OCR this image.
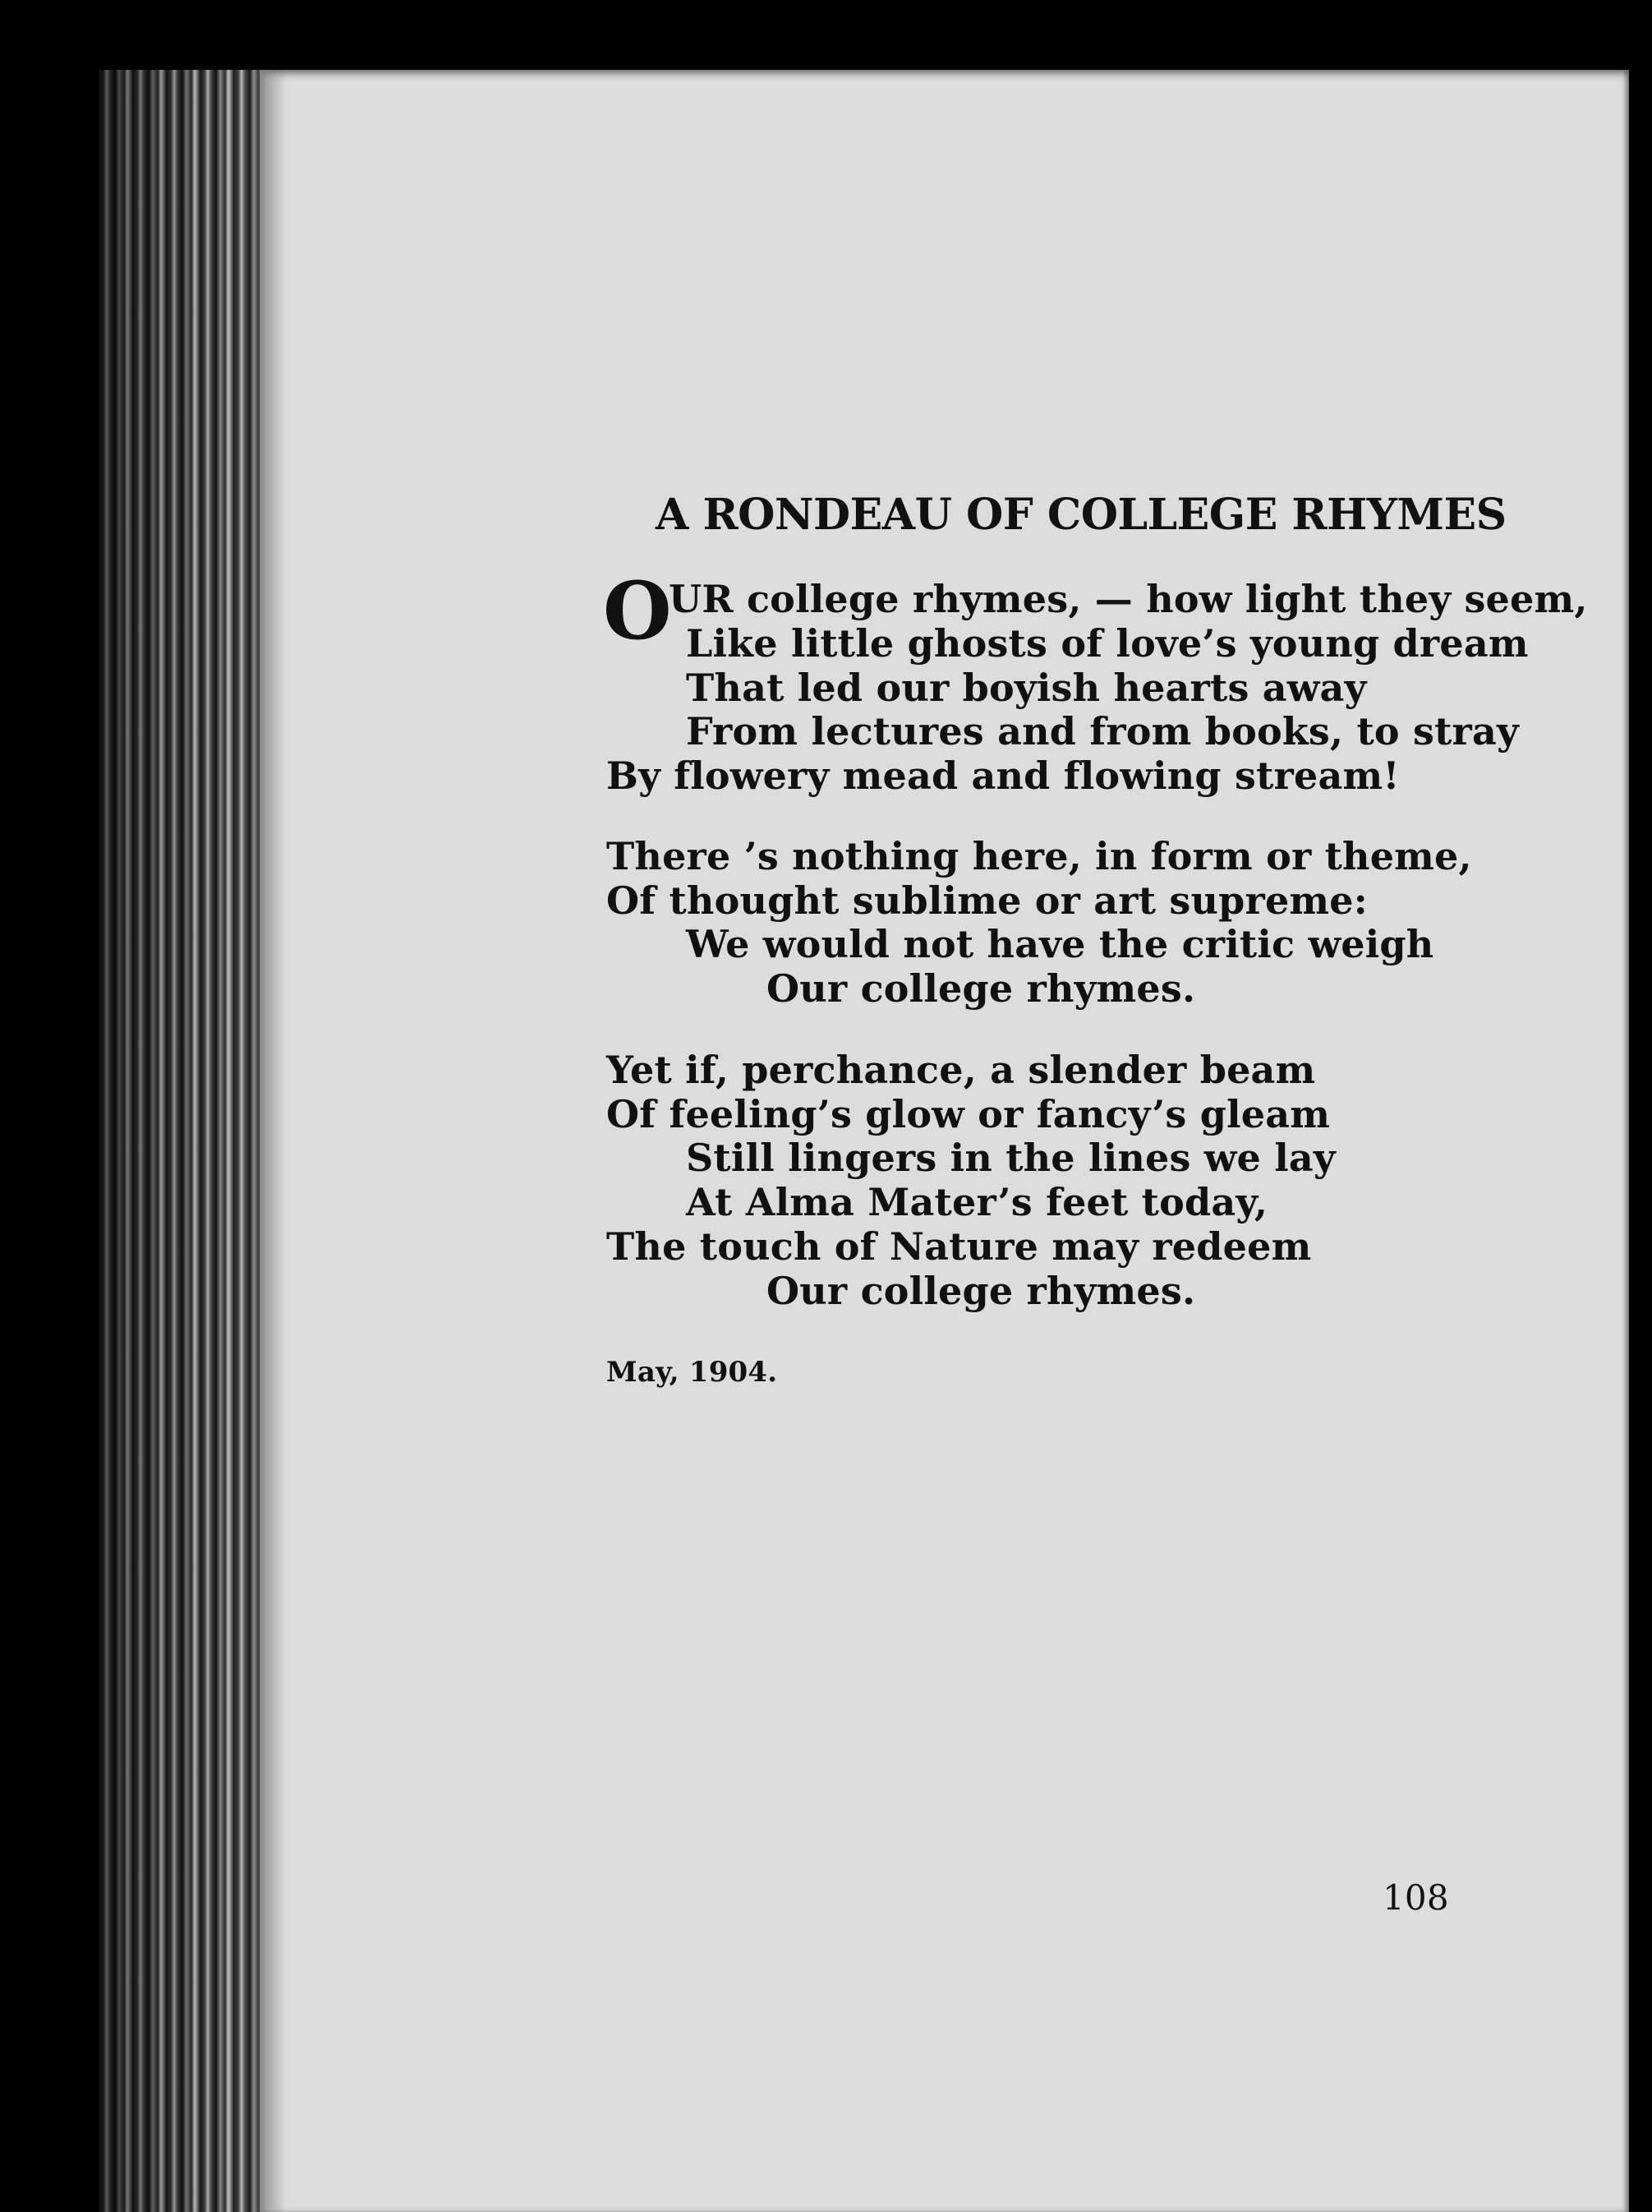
A RONDEAU OF COLLEGE RHYMES
O
UR college rhymes, — how light they seem,
Like little ghosts of love’s young dream
That led our boyish hearts away
From lectures and from books, to stray
By flowery mead and flowing stream!
There ’s nothing here, in form or theme,
Of thought sublime or art supreme:
We would not have the critic weigh
Our college rhymes.
Yet if, perchance, a slender beam
Of feeling’s glow or fancy’s gleam
Still lingers in the lines we lay
At Alma Mater’s feet today,
The touch of Nature may redeem
Our college rhymes.
May, 1904.
108
